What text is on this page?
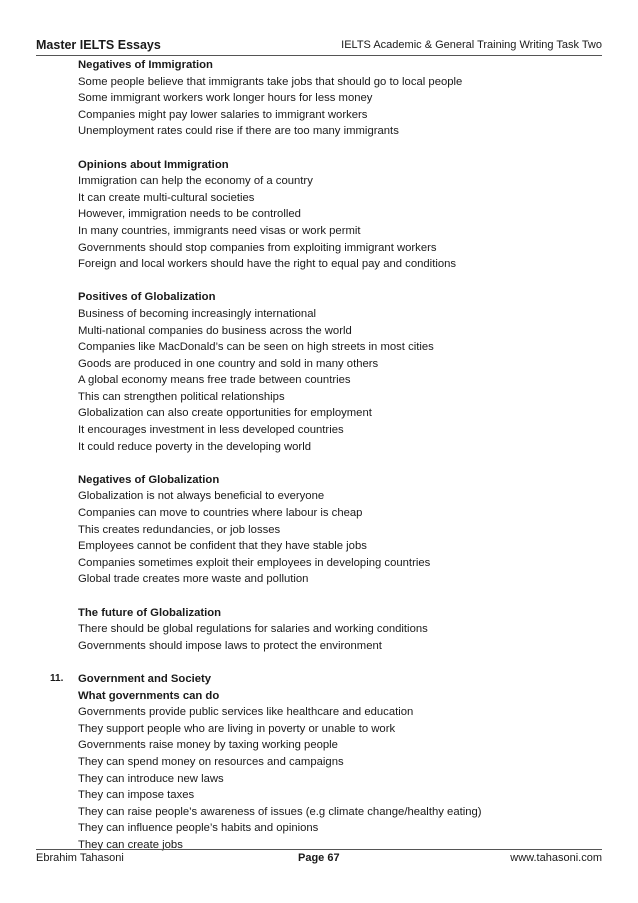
Master IELTS Essays	IELTS Academic & General Training Writing Task Two
Negatives of Immigration
Some people believe that immigrants take jobs that should go to local people
Some immigrant workers work longer hours for less money
Companies might pay lower salaries to immigrant workers
Unemployment rates could rise if there are too many immigrants
Opinions about Immigration
Immigration can help the economy of a country
It can create multi-cultural societies
However, immigration needs to be controlled
In many countries, immigrants need visas or work permit
Governments should stop companies from exploiting immigrant workers
Foreign and local workers should have the right to equal pay and conditions
Positives of Globalization
Business of becoming increasingly international
Multi-national companies do business across the world
Companies like MacDonald’s can be seen on high streets in most cities
Goods are produced in one country and sold in many others
A global economy means free trade between countries
This can strengthen political relationships
Globalization can also create opportunities for employment
It encourages investment in less developed countries
It could reduce poverty in the developing world
Negatives of Globalization
Globalization is not always beneficial to everyone
Companies can move to countries where labour is cheap
This creates redundancies, or job losses
Employees cannot be confident that they have stable jobs
Companies sometimes exploit their employees in developing countries
Global trade creates more waste and pollution
The future of Globalization
There should be global regulations for salaries and working conditions
Governments should impose laws to protect the environment
11. Government and Society
What governments can do
Governments provide public services like healthcare and education
They support people who are living in poverty or unable to work
Governments raise money by taxing working people
They can spend money on resources and campaigns
They can introduce new laws
They can impose taxes
They can raise people’s awareness of issues (e.g climate change/healthy eating)
They can influence people’s habits and opinions
They can create jobs
Ebrahim Tahasoni	Page 67	www.tahasoni.com
